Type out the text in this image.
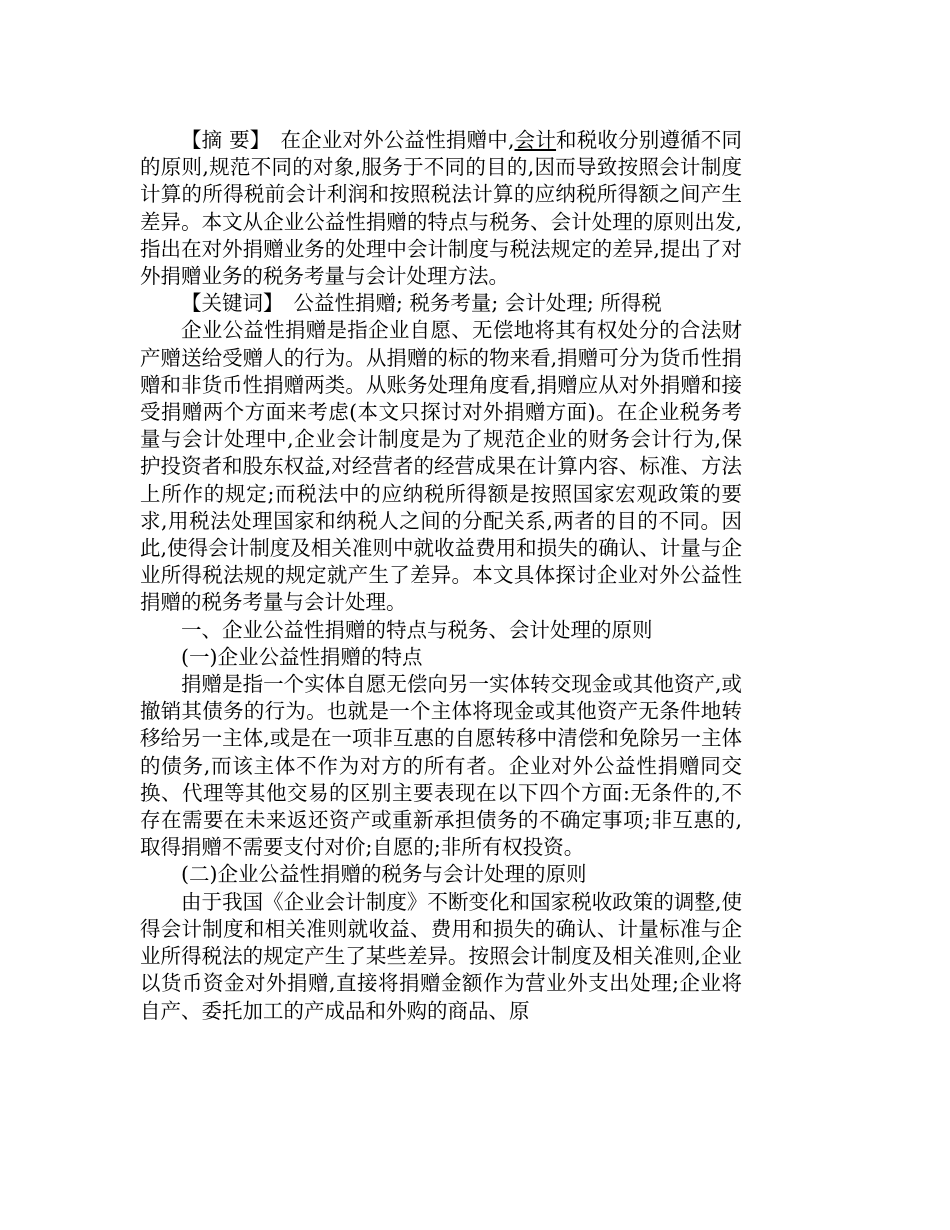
【摘 要】 在企业对外公益性捐赠中,会计和税收分别遵循不同的原则,规范不同的对象,服务于不同的目的,因而导致按照会计制度计算的所得税前会计利润和按照税法计算的应纳税所得额之间产生差异。本文从企业公益性捐赠的特点与税务、会计处理的原则出发,指出在对外捐赠业务的处理中会计制度与税法规定的差异,提出了对外捐赠业务的税务考量与会计处理方法。

【关键词】 公益性捐赠; 税务考量; 会计处理; 所得税

企业公益性捐赠是指企业自愿、无偿地将其有权处分的合法财产赠送给受赠人的行为。从捐赠的标的物来看,捐赠可分为货币性捐赠和非货币性捐赠两类。从账务处理角度看,捐赠应从对外捐赠和接受捐赠两个方面来考虑(本文只探讨对外捐赠方面)。在企业税务考量与会计处理中,企业会计制度是为了规范企业的财务会计行为,保护投资者和股东权益,对经营者的经营成果在计算内容、标准、方法上所作的规定;而税法中的应纳税所得额是按照国家宏观政策的要求,用税法处理国家和纳税人之间的分配关系,两者的目的不同。因此,使得会计制度及相关准则中就收益费用和损失的确认、计量与企业所得税法规的规定就产生了差异。本文具体探讨企业对外公益性捐赠的税务考量与会计处理。

一、企业公益性捐赠的特点与税务、会计处理的原则

(一)企业公益性捐赠的特点

捐赠是指一个实体自愿无偿向另一实体转交现金或其他资产,或撤销其债务的行为。也就是一个主体将现金或其他资产无条件地转移给另一主体,或是在一项非互惠的自愿转移中清偿和免除另一主体的债务,而该主体不作为对方的所有者。企业对外公益性捐赠同交换、代理等其他交易的区别主要表现在以下四个方面:无条件的,不存在需要在未来返还资产或重新承担债务的不确定事项;非互惠的,取得捐赠不需要支付对价;自愿的;非所有权投资。

(二)企业公益性捐赠的税务与会计处理的原则

由于我国《企业会计制度》不断变化和国家税收政策的调整,使得会计制度和相关准则就收益、费用和损失的确认、计量标准与企业所得税法的规定产生了某些差异。按照会计制度及相关准则,企业以货币资金对外捐赠,直接将捐赠金额作为营业外支出处理;企业将自产、委托加工的产成品和外购的商品、原
